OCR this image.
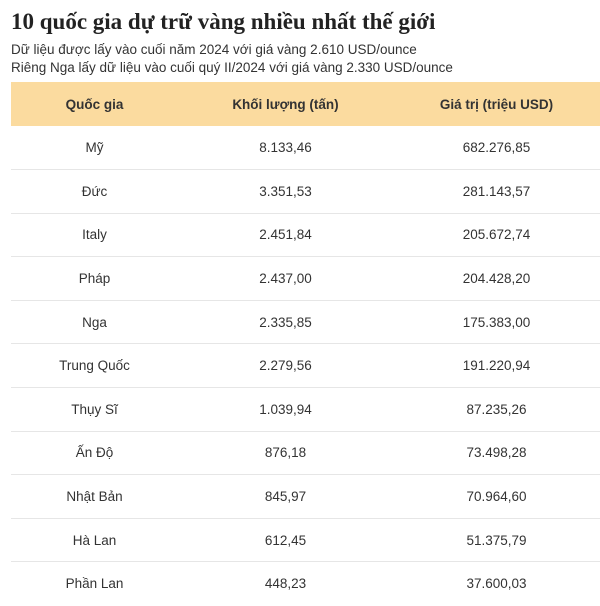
10 quốc gia dự trữ vàng nhiều nhất thế giới
Dữ liệu được lấy vào cuối năm 2024 với giá vàng 2.610 USD/ounce
Riêng Nga lấy dữ liệu vào cuối quý II/2024 với giá vàng 2.330 USD/ounce
Quốc gia	Khối lượng (tấn)	Giá trị (triệu USD)
Mỹ	8.133,46	682.276,85
Đức	3.351,53	281.143,57
Italy	2.451,84	205.672,74
Pháp	2.437,00	204.428,20
Nga	2.335,85	175.383,00
Trung Quốc	2.279,56	191.220,94
Thụy Sĩ	1.039,94	87.235,26
Ấn Độ	876,18	73.498,28
Nhật Bản	845,97	70.964,60
Hà Lan	612,45	51.375,79
Phần Lan	448,23	37.600,03
